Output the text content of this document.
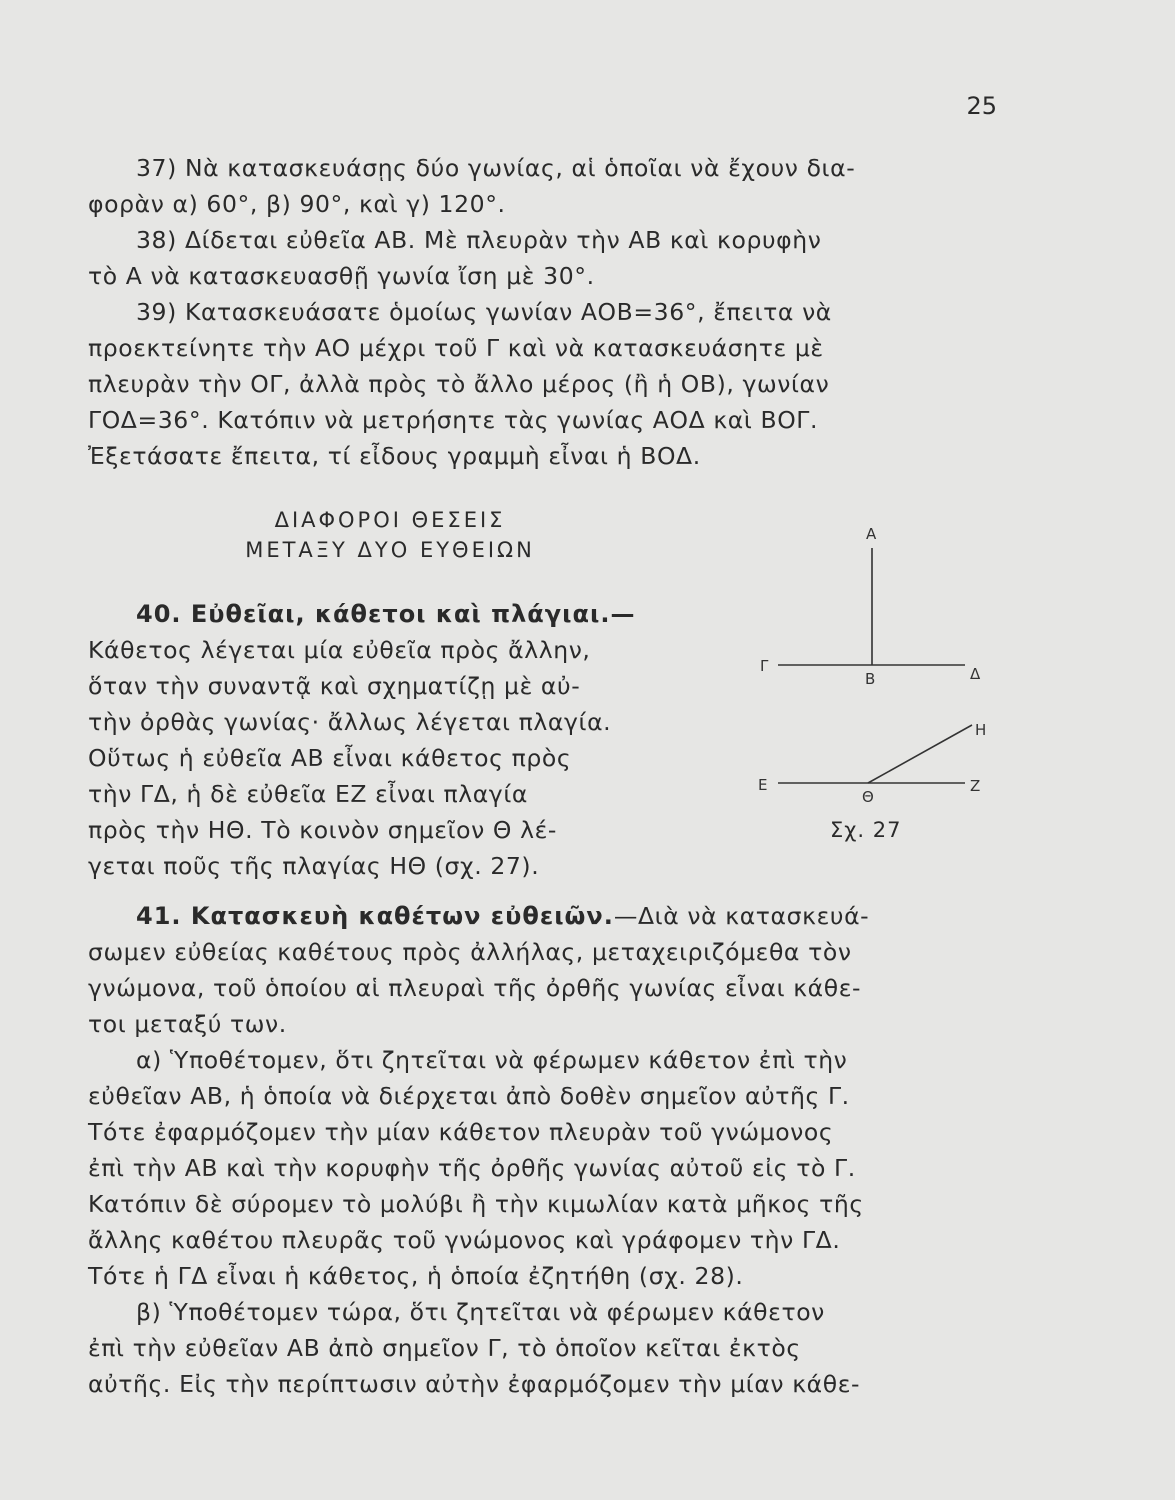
25

37) Νὰ κατασκευάσῃς δύο γωνίας, αἱ ὁποῖαι νὰ ἔχουν δια-

φορὰν α) 60°, β) 90°, καὶ γ) 120°.

38) Δίδεται εὐθεῖα ΑΒ. Μὲ πλευρὰν τὴν ΑΒ καὶ κορυφὴν

τὸ Α νὰ κατασκευασθῇ γωνία ἴση μὲ 30°.

39) Κατασκευάσατε ὁμοίως γωνίαν ΑΟΒ=36°, ἔπειτα νὰ

προεκτείνητε τὴν ΑΟ μέχρι τοῦ Γ καὶ νὰ κατασκευάσητε μὲ

πλευρὰν τὴν ΟΓ, ἀλλὰ πρὸς τὸ ἄλλο μέρος (ἢ ἡ ΟΒ), γωνίαν

ΓΟΔ=36°. Κατόπιν νὰ μετρήσητε τὰς γωνίας ΑΟΔ καὶ ΒΟΓ.

Ἐξετάσατε ἔπειτα, τί εἶδους γραμμὴ εἶναι ἡ ΒΟΔ.

ΔΙΑΦΟΡΟΙ ΘΕΣΕΙΣ
ΜΕΤΑΞΥ ΔΥΟ ΕΥΘΕΙΩΝ

40. Εὐθεῖαι, κάθετοι καὶ πλάγιαι.—

Κάθετος λέγεται μία εὐθεῖα πρὸς ἄλλην,

ὅταν τὴν συναντᾷ καὶ σχηματίζῃ μὲ αὐ-

τὴν ὀρθὰς γωνίας· ἄλλως λέγεται πλαγία.

Οὕτως ἡ εὐθεῖα ΑΒ εἶναι κάθετος πρὸς

τὴν ΓΔ, ἡ δὲ εὐθεῖα ΕΖ εἶναι πλαγία

πρὸς τὴν ΗΘ. Τὸ κοινὸν σημεῖον Θ λέ-

γεται ποῦς τῆς πλαγίας ΗΘ (σχ. 27).

Α
Β
Γ	Δ
Η
Ε	Ζ
Θ
Σχ. 27

41. Κατασκευὴ καθέτων εὐθειῶν.—Διὰ νὰ κατασκευά-

σωμεν εὐθείας καθέτους πρὸς ἀλλήλας, μεταχειριζόμεθα τὸν

γνώμονα, τοῦ ὁποίου αἱ πλευραὶ τῆς ὀρθῆς γωνίας εἶναι κάθε-

τοι μεταξύ των.

α) Ὑποθέτομεν, ὅτι ζητεῖται νὰ φέρωμεν κάθετον ἐπὶ τὴν

εὐθεῖαν ΑΒ, ἡ ὁποία νὰ διέρχεται ἀπὸ δοθὲν σημεῖον αὐτῆς Γ.

Τότε ἐφαρμόζομεν τὴν μίαν κάθετον πλευρὰν τοῦ γνώμονος

ἐπὶ τὴν ΑΒ καὶ τὴν κορυφὴν τῆς ὀρθῆς γωνίας αὐτοῦ εἰς τὸ Γ.

Κατόπιν δὲ σύρομεν τὸ μολύβι ἢ τὴν κιμωλίαν κατὰ μῆκος τῆς

ἄλλης καθέτου πλευρᾶς τοῦ γνώμονος καὶ γράφομεν τὴν ΓΔ.

Τότε ἡ ΓΔ εἶναι ἡ κάθετος, ἡ ὁποία ἐζητήθη (σχ. 28).

β) Ὑποθέτομεν τώρα, ὅτι ζητεῖται νὰ φέρωμεν κάθετον

ἐπὶ τὴν εὐθεῖαν ΑΒ ἀπὸ σημεῖον Γ, τὸ ὁποῖον κεῖται ἐκτὸς

αὐτῆς. Εἰς τὴν περίπτωσιν αὐτὴν ἐφαρμόζομεν τὴν μίαν κάθε-
